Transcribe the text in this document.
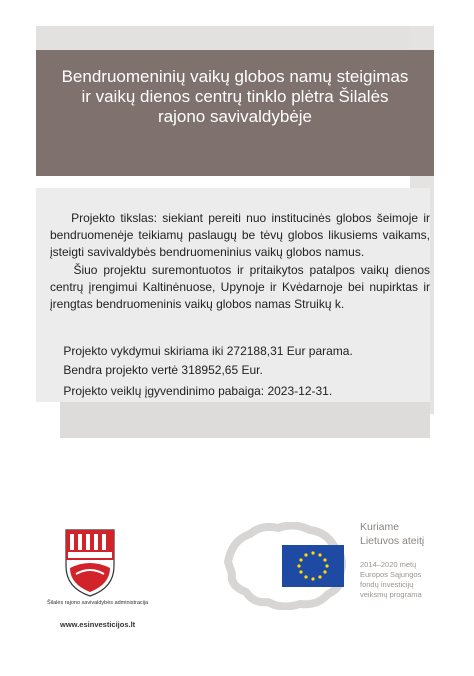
Bendruomeninių vaikų globos namų steigimas
ir vaikų dienos centrų tinklo plėtra Šilalės
rajono savivaldybėje
Projekto tikslas: siekiant pereiti nuo institucinės globos šeimoje ir bendruomenėje teikiamų paslaugų be tėvų globos likusiems vaikams, įsteigti savivaldybės bendruomeninius vaikų globos namus.
Šiuo projektu suremontuotos ir pritaikytos patalpos vaikų dienos centrų įrengimui Kaltinėnuose, Upynoje ir Kvėdarnoje bei nupirktas ir įrengtas bendruomeninis vaikų globos namas Struikų k.
Projekto vykdymui skiriama iki 272188,31 Eur parama.
Bendra projekto vertė 318952,65 Eur.
Projekto veiklų įgyvendinimo pabaiga: 2023-12-31.
Šilalės rajono savivaldybės administracija
www.esinvesticijos.lt
Kuriame
Lietuvos ateitį
2014–2020 metų
Europos Sąjungos
fondų investicijų
veiksmų programa
